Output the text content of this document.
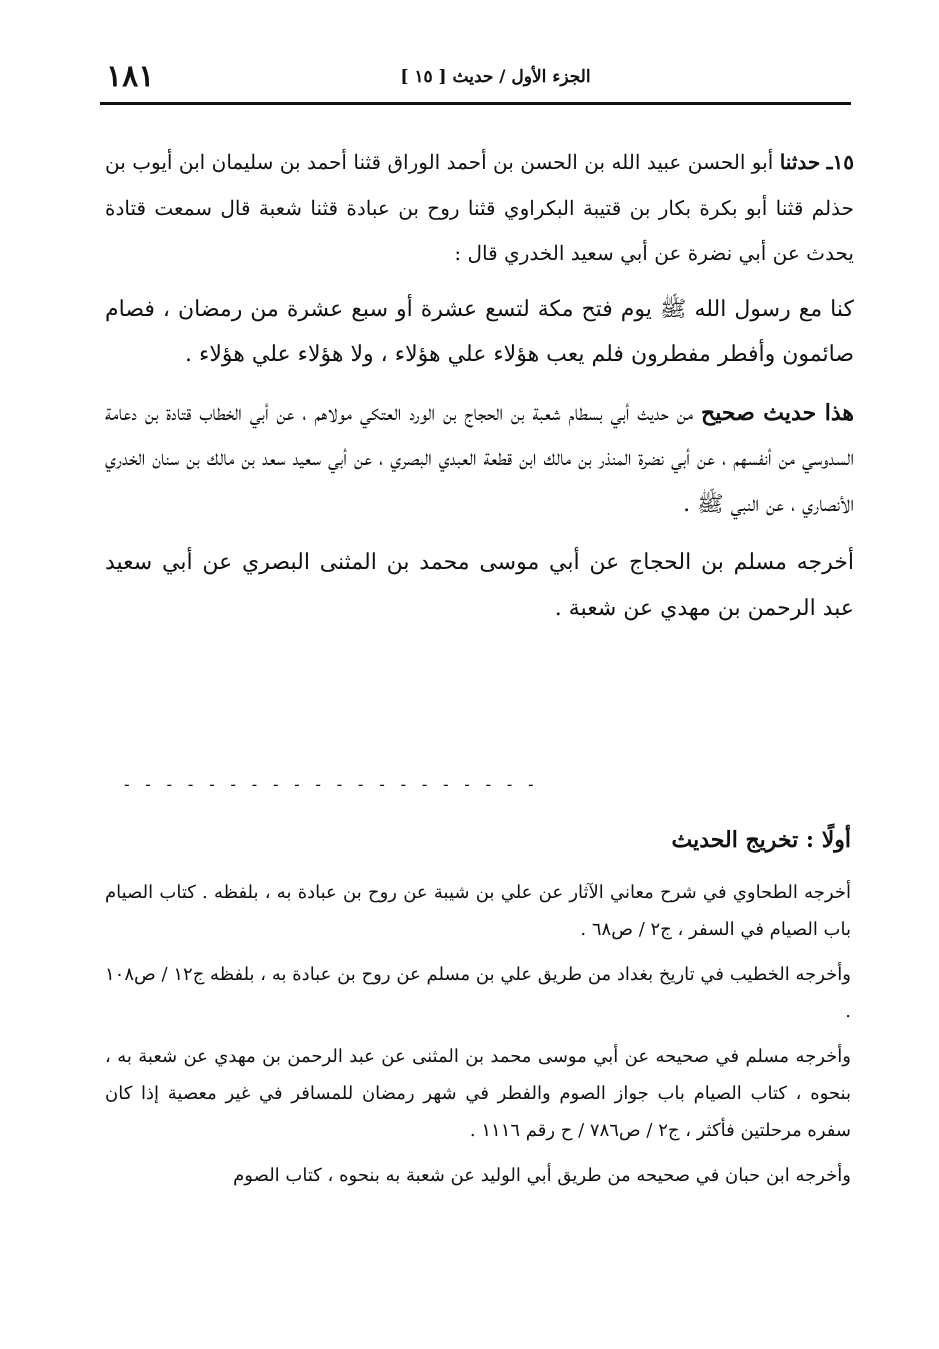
١٨١	الجزء الأول / حديث [ ١٥ ]

١٥ـ حدثنا أبو الحسن عبيد الله بن الحسن بن أحمد الوراق قثنا أحمد بن سليمان ابن أيوب بن حذلم قثنا أبو بكرة بكار بن قتيبة البكراوي قثنا روح بن عبادة قثنا شعبة قال سمعت قتادة يحدث عن أبي نضرة عن أبي سعيد الخدري قال :

كنا مع رسول الله ﷺ يوم فتح مكة لتسع عشرة أو سبع عشرة من رمضان ، فصام صائمون وأفطر مفطرون فلم يعب هؤلاء علي هؤلاء ، ولا هؤلاء علي هؤلاء .

هذا حديث صحيح من حديث أبي بسطام شعبة بن الحجاج بن الورد العتكي مولاهم ، عن أبي الخطاب قتادة بن دعامة السدوسي من أنفسهم ، عن أبي نضرة المنذر بن مالك ابن قطعة العبدي البصري ، عن أبي سعيد سعد بن مالك بن سنان الخدري الأنصاري ، عن النبي ﷺ .

أخرجه مسلم بن الحجاج عن أبي موسى محمد بن المثنى البصري عن أبي سعيد عبد الرحمن بن مهدي عن شعبة .

- - - - - - - - - - - - - - - - - - - -

أولًا : تخريج الحديث

أخرجه الطحاوي في شرح معاني الآثار عن علي بن شيبة عن روح بن عبادة به ، بلفظه . كتاب الصيام باب الصيام في السفر ، ج٢ / ص٦٨ .

وأخرجه الخطيب في تاريخ بغداد من طريق علي بن مسلم عن روح بن عبادة به ، بلفظه ج١٢ / ص١٠٨ .

وأخرجه مسلم في صحيحه عن أبي موسى محمد بن المثنى عن عبد الرحمن بن مهدي عن شعبة به ، بنحوه ، كتاب الصيام باب جواز الصوم والفطر في شهر رمضان للمسافر في غير معصية إذا كان سفره مرحلتين فأكثر ، ج٢ / ص٧٨٦ / ح رقم ١١١٦ .

وأخرجه ابن حبان في صحيحه من طريق أبي الوليد عن شعبة به بنحوه ، كتاب الصوم
